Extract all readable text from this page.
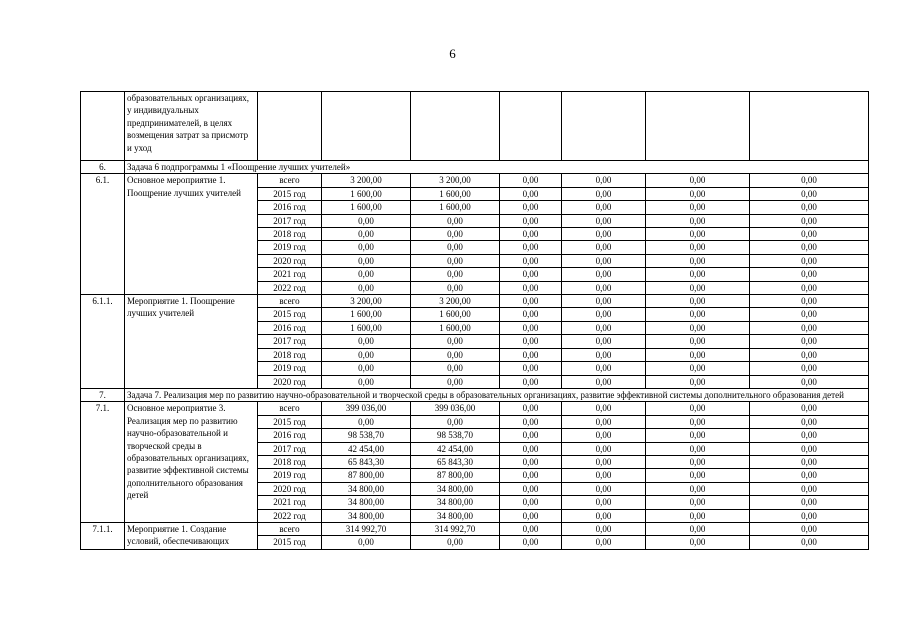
6
	образовательных организациях, у индивидуальных предпринимателей, в целях возмещения затрат за присмотр и уход							
6.	Задача 6 подпрограммы 1 «Поощрение лучших учителей»							
6.1.	Основное мероприятие 1. Поощрение лучших учителей	всего	3 200,00	3 200,00	0,00	0,00	0,00	0,00
		2015 год	1 600,00	1 600,00	0,00	0,00	0,00	0,00
		2016 год	1 600,00	1 600,00	0,00	0,00	0,00	0,00
		2017 год	0,00	0,00	0,00	0,00	0,00	0,00
		2018 год	0,00	0,00	0,00	0,00	0,00	0,00
		2019 год	0,00	0,00	0,00	0,00	0,00	0,00
		2020 год	0,00	0,00	0,00	0,00	0,00	0,00
		2021 год	0,00	0,00	0,00	0,00	0,00	0,00
		2022 год	0,00	0,00	0,00	0,00	0,00	0,00
6.1.1.	Мероприятие 1. Поощрение лучших учителей	всего	3 200,00	3 200,00	0,00	0,00	0,00	0,00
		2015 год	1 600,00	1 600,00	0,00	0,00	0,00	0,00
		2016 год	1 600,00	1 600,00	0,00	0,00	0,00	0,00
		2017 год	0,00	0,00	0,00	0,00	0,00	0,00
		2018 год	0,00	0,00	0,00	0,00	0,00	0,00
		2019 год	0,00	0,00	0,00	0,00	0,00	0,00
		2020 год	0,00	0,00	0,00	0,00	0,00	0,00
7.	Задача 7. Реализация мер по развитию научно-образовательной и творческой среды в образовательных организациях, развитие эффективной системы дополнительного образования детей							
7.1.	Основное мероприятие 3. Реализация мер по развитию научно-образовательной и творческой среды в образовательных организациях, развитие эффективной системы дополнительного образования детей	всего	399 036,00	399 036,00	0,00	0,00	0,00	0,00
		2015 год	0,00	0,00	0,00	0,00	0,00	0,00
		2016 год	98 538,70	98 538,70	0,00	0,00	0,00	0,00
		2017 год	42 454,00	42 454,00	0,00	0,00	0,00	0,00
		2018 год	65 843,30	65 843,30	0,00	0,00	0,00	0,00
		2019 год	87 800,00	87 800,00	0,00	0,00	0,00	0,00
		2020 год	34 800,00	34 800,00	0,00	0,00	0,00	0,00
		2021 год	34 800,00	34 800,00	0,00	0,00	0,00	0,00
		2022 год	34 800,00	34 800,00	0,00	0,00	0,00	0,00
7.1.1.	Мероприятие 1. Создание условий, обеспечивающих	всего	314 992,70	314 992,70	0,00	0,00	0,00	0,00
		2015 год	0,00	0,00	0,00	0,00	0,00	0,00
